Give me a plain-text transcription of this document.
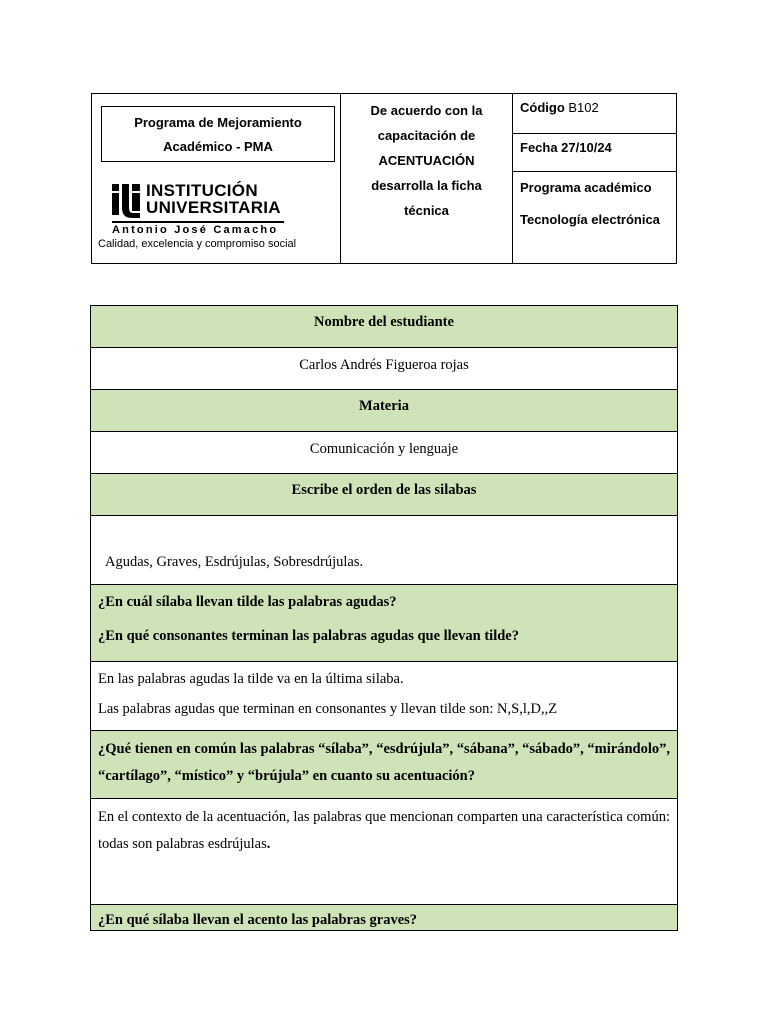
Programa de Mejoramiento
Académico - PMA
INSTITUCIÓN
UNIVERSITARIA
Antonio José Camacho
Calidad, excelencia y compromiso social
De acuerdo con la
capacitación de
ACENTUACIÓN
desarrolla la ficha
técnica
Código B102
Fecha 27/10/24
Programa académico
Tecnología electrónica
Nombre del estudiante
Carlos Andrés Figueroa rojas
Materia
Comunicación y lenguaje
Escribe el orden de las silabas
Agudas, Graves, Esdrújulas, Sobresdrújulas.
¿En cuál sílaba llevan tilde las palabras agudas?
¿En qué consonantes terminan las palabras agudas que llevan tilde?
En las palabras agudas la tilde va en la última silaba.
Las palabras agudas que terminan en consonantes y llevan tilde son: N,S,l,D,,Z
¿Qué tienen en común las palabras “sílaba”, “esdrújula”, “sábana”, “sábado”, “mirándolo”, “cartílago”, “místico” y “brújula” en cuanto su acentuación?
En el contexto de la acentuación, las palabras que mencionan comparten una característica común: todas son palabras esdrújulas.
¿En qué sílaba llevan el acento las palabras graves?
